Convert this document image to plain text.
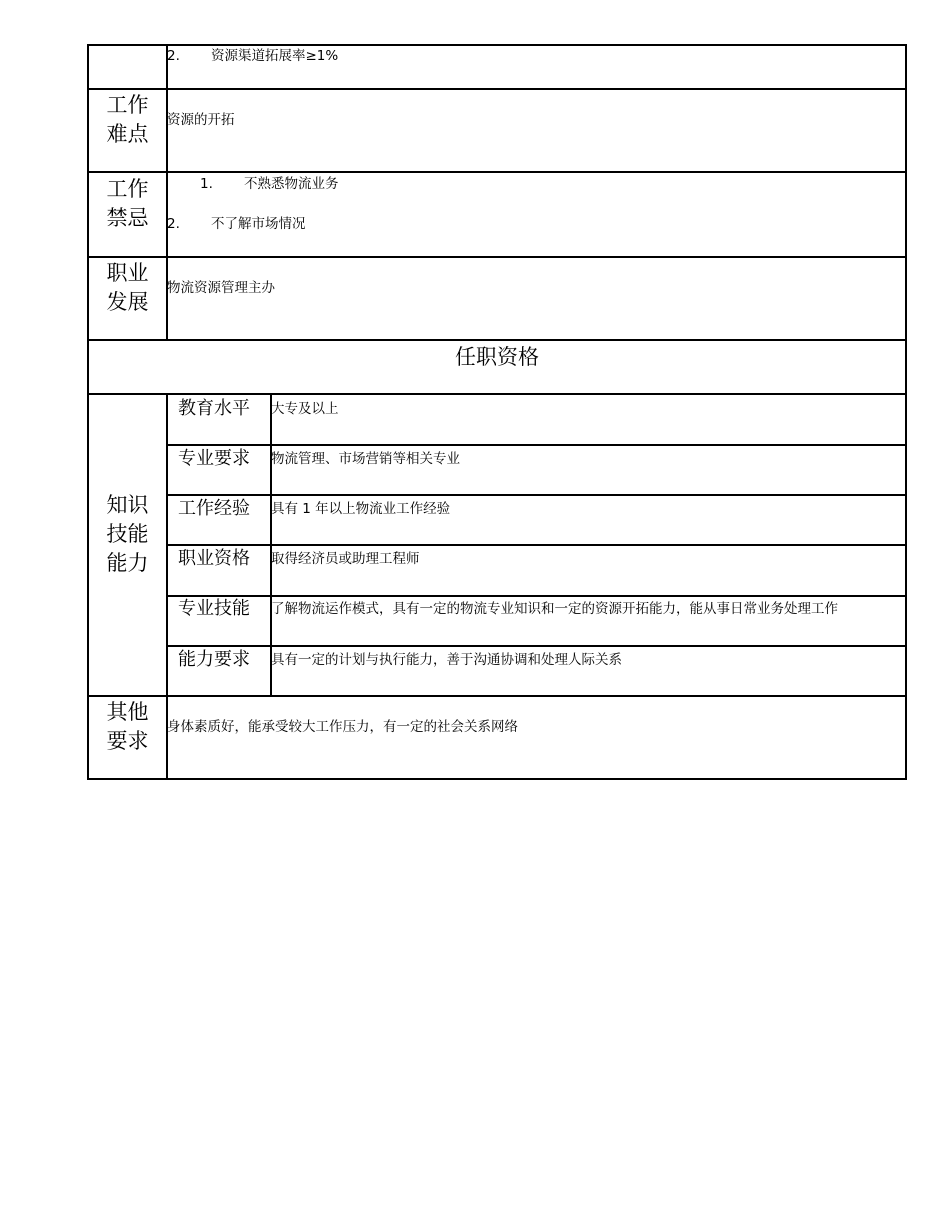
2. 资源渠道拓展率≥1%
工作
难点
资源的开拓
工作
禁忌
1. 不熟悉物流业务
2. 不了解市场情况
职业
发展
物流资源管理主办
任职资格
知识
技能
能力
教育水平 大专及以上
专业要求 物流管理、市场营销等相关专业
工作经验 具有 1 年以上物流业工作经验
职业资格 取得经济员或助理工程师
专业技能 了解物流运作模式，具有一定的物流专业知识和一定的资源开拓能力，能从事日常业务处理工作
能力要求 具有一定的计划与执行能力，善于沟通协调和处理人际关系
其他
要求
身体素质好，能承受较大工作压力，有一定的社会关系网络
